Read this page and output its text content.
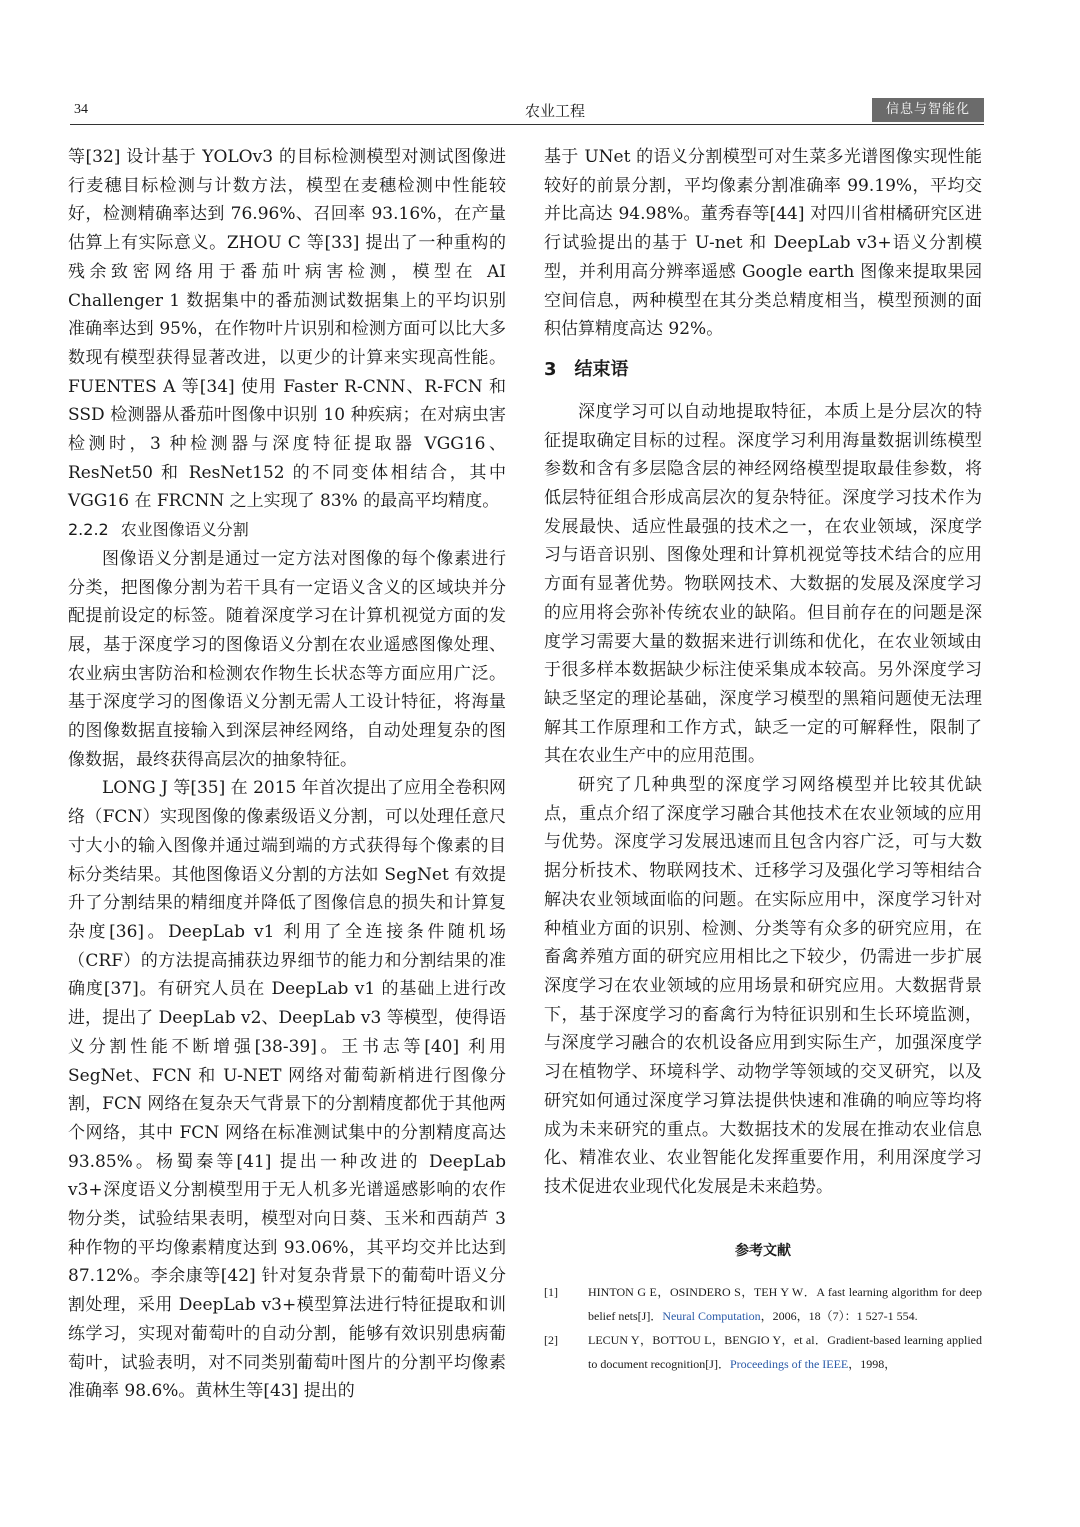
34	农业工程	信息与智能化

等[32] 设计基于 YOLOv3 的目标检测模型对测试图像进行麦穗目标检测与计数方法，模型在麦穗检测中性能较好，检测精确率达到 76.96%、召回率 93.16%，在产量估算上有实际意义。ZHOU C 等[33] 提出了一种重构的残余致密网络用于番茄叶病害检测，模型在 AI Challenger 1 数据集中的番茄测试数据集上的平均识别准确率达到 95%，在作物叶片识别和检测方面可以比大多数现有模型获得显著改进，以更少的计算来实现高性能。FUENTES A 等[34] 使用 Faster R-CNN、R-FCN 和 SSD 检测器从番茄叶图像中识别 10 种疾病；在对病虫害检测时，3 种检测器与深度特征提取器 VGG16、ResNet50 和 ResNet152 的不同变体相结合，其中 VGG16 在 FRCNN 之上实现了 83% 的最高平均精度。

2.2.2 农业图像语义分割

图像语义分割是通过一定方法对图像的每个像素进行分类，把图像分割为若干具有一定语义含义的区域块并分配提前设定的标签。随着深度学习在计算机视觉方面的发展，基于深度学习的图像语义分割在农业遥感图像处理、农业病虫害防治和检测农作物生长状态等方面应用广泛。基于深度学习的图像语义分割无需人工设计特征，将海量的图像数据直接输入到深层神经网络，自动处理复杂的图像数据，最终获得高层次的抽象特征。

LONG J 等[35] 在 2015 年首次提出了应用全卷积网络（FCN）实现图像的像素级语义分割，可以处理任意尺寸大小的输入图像并通过端到端的方式获得每个像素的目标分类结果。其他图像语义分割的方法如 SegNet 有效提升了分割结果的精细度并降低了图像信息的损失和计算复杂度[36]。DeepLab v1 利用了全连接条件随机场（CRF）的方法提高捕获边界细节的能力和分割结果的准确度[37]。有研究人员在 DeepLab v1 的基础上进行改进，提出了 DeepLab v2、DeepLab v3 等模型，使得语义分割性能不断增强[38-39]。王书志等[40] 利用 SegNet、FCN 和 U-NET 网络对葡萄新梢进行图像分割，FCN 网络在复杂天气背景下的分割精度都优于其他两个网络，其中 FCN 网络在标准测试集中的分割精度高达 93.85%。杨蜀秦等[41] 提出一种改进的 DeepLab v3+深度语义分割模型用于无人机多光谱遥感影响的农作物分类，试验结果表明，模型对向日葵、玉米和西葫芦 3 种作物的平均像素精度达到 93.06%，其平均交并比达到 87.12%。李余康等[42] 针对复杂背景下的葡萄叶语义分割处理，采用 DeepLab v3+模型算法进行特征提取和训练学习，实现对葡萄叶的自动分割，能够有效识别患病葡萄叶，试验表明，对不同类别葡萄叶图片的分割平均像素准确率 98.6%。黄林生等[43] 提出的

基于 UNet 的语义分割模型可对生菜多光谱图像实现性能较好的前景分割，平均像素分割准确率 99.19%，平均交并比高达 94.98%。董秀春等[44] 对四川省柑橘研究区进行试验提出的基于 U-net 和 DeepLab v3+语义分割模型，并利用高分辨率遥感 Google earth 图像来提取果园空间信息，两种模型在其分类总精度相当，模型预测的面积估算精度高达 92%。

3 结束语

深度学习可以自动地提取特征，本质上是分层次的特征提取确定目标的过程。深度学习利用海量数据训练模型参数和含有多层隐含层的神经网络模型提取最佳参数，将低层特征组合形成高层次的复杂特征。深度学习技术作为发展最快、适应性最强的技术之一，在农业领域，深度学习与语音识别、图像处理和计算机视觉等技术结合的应用方面有显著优势。物联网技术、大数据的发展及深度学习的应用将会弥补传统农业的缺陷。但目前存在的问题是深度学习需要大量的数据来进行训练和优化，在农业领域由于很多样本数据缺少标注使采集成本较高。另外深度学习缺乏坚定的理论基础，深度学习模型的黑箱问题使无法理解其工作原理和工作方式，缺乏一定的可解释性，限制了其在农业生产中的应用范围。

研究了几种典型的深度学习网络模型并比较其优缺点，重点介绍了深度学习融合其他技术在农业领域的应用与优势。深度学习发展迅速而且包含内容广泛，可与大数据分析技术、物联网技术、迁移学习及强化学习等相结合解决农业领域面临的问题。在实际应用中，深度学习针对种植业方面的识别、检测、分类等有众多的研究应用，在畜禽养殖方面的研究应用相比之下较少，仍需进一步扩展深度学习在农业领域的应用场景和研究应用。大数据背景下，基于深度学习的畜禽行为特征识别和生长环境监测，与深度学习融合的农机设备应用到实际生产，加强深度学习在植物学、环境科学、动物学等领域的交叉研究，以及研究如何通过深度学习算法提供快速和准确的响应等均将成为未来研究的重点。大数据技术的发展在推动农业信息化、精准农业、农业智能化发挥重要作用，利用深度学习技术促进农业现代化发展是未来趋势。

参考文献
[1]	HINTON G E，OSINDERO S，TEH Y W．A fast learning algorithm for deep belief nets[J]．Neural Computation，2006，18（7）：1 527-1 554.
[2]	LECUN Y，BOTTOU L，BENGIO Y，et al．Gradient-based learning applied to document recognition[J]．Proceedings of the IEEE，1998，
